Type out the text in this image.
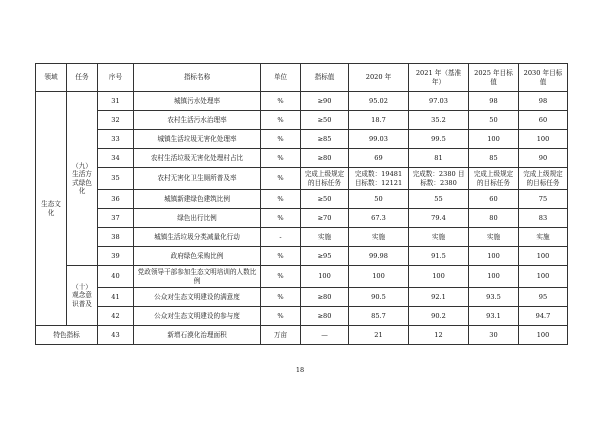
领域	任务	序号	指标名称	单位	指标值	2020 年	2021 年（基准年）	2025 年目标值	2030 年目标值
生态文化	（九）生活方式绿色化	31	城镇污水处理率	%	≥90	95.02	97.03	98	98
		32	农村生活污水治理率	%	≥50	18.7	35.2	50	60
		33	城镇生活垃圾无害化处理率	%	≥85	99.03	99.5	100	100
		34	农村生活垃圾无害化处理村占比	%	≥80	69	81	85	90
		35	农村无害化卫生厕所普及率	%	完成上级规定的目标任务	完成数：19481 目标数：12121	完成数：2380 目标数：2380	完成上级规定的目标任务	完成上级规定的目标任务
		36	城镇新建绿色建筑比例	%	≥50	50	55	60	75
		37	绿色出行比例	%	≥70	67.3	79.4	80	83
		38	城镇生活垃圾分类减量化行动	-	实施	实施	实施	实施	实施
		39	政府绿色采购比例	%	≥95	99.98	91.5	100	100
	（十）观念意识普及	40	党政领导干部参加生态文明培训的人数比例	%	100	100	100	100	100
		41	公众对生态文明建设的满意度	%	≥80	90.5	92.1	93.5	95
		42	公众对生态文明建设的参与度	%	≥80	85.7	90.2	93.1	94.7
特色指标		43	新增石漠化治理面积	万亩	—	21	12	30	100
18
